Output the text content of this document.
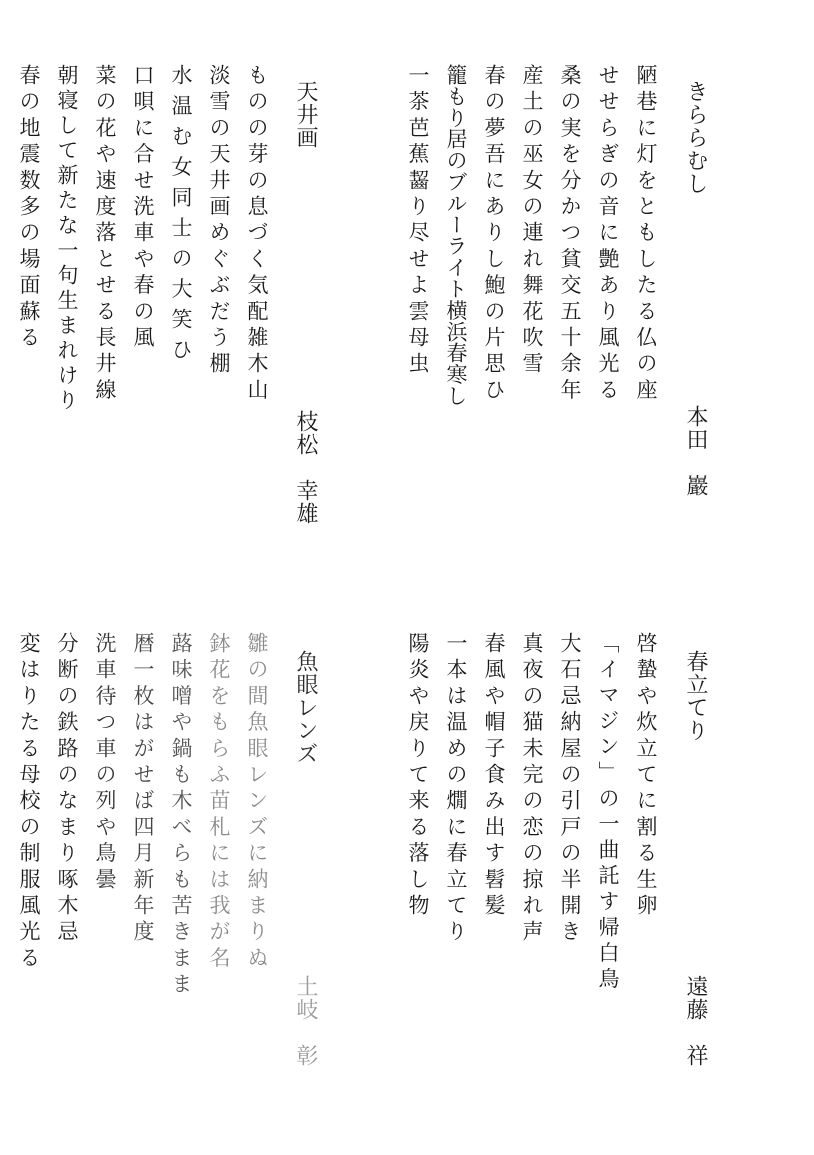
きららむし
本田　巖
陋巷に灯をともしたる仏の座
せせらぎの音に艶あり風光る
桑の実を分かつ貧交五十余年
産土の巫女の連れ舞花吹雪
春の夢吾にありし鮑の片思ひ
籠もり居のブルーライト横浜春寒し
一茶芭蕉齧り尽せよ雲母虫
天井画
枝松　幸雄
ものの芽の息づく気配雑木山
淡雪の天井画めぐぶだう棚
水温む女同士の大笑ひ
口唄に合せ洗車や春の風
菜の花や速度落とせる長井線
朝寝して新たな一句生まれけり
春の地震数多の場面蘇る
春立てり
遠藤　祥
啓蟄や炊立てに割る生卵
「イマジン」の一曲託す帰白鳥
大石忌納屋の引戸の半開き
真夜の猫未完の恋の掠れ声
春風や帽子食み出す髫髪
一本は温めの燗に春立てり
陽炎や戻りて来る落し物
魚眼レンズ
土岐　彰
雛の間魚眼レンズに納まりぬ
鉢花をもらふ苗札には我が名
蕗味噌や鍋も木べらも苦きまま
暦一枚はがせば四月新年度
洗車待つ車の列や鳥曇
分断の鉄路のなまり啄木忌
変はりたる母校の制服風光る
